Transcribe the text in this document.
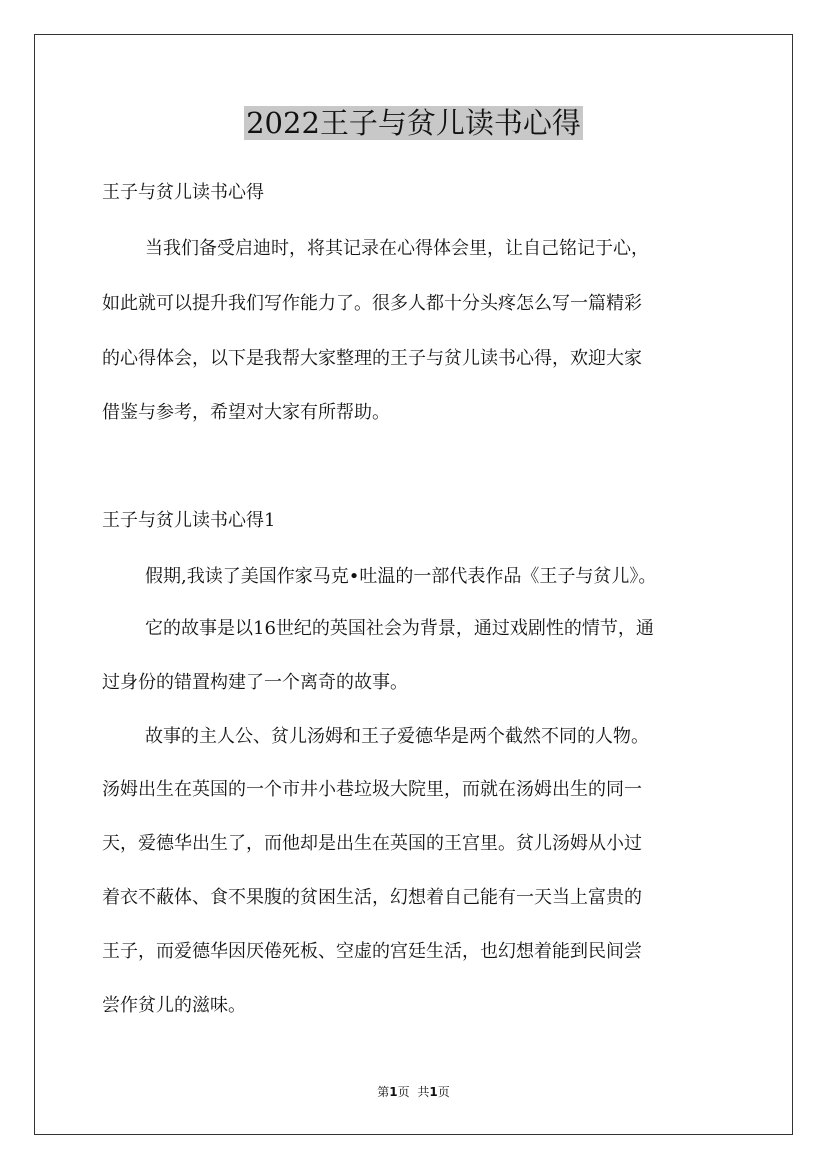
2022王子与贫儿读书心得
王子与贫儿读书心得
当我们备受启迪时，将其记录在心得体会里，让自己铭记于心，
如此就可以提升我们写作能力了。很多人都十分头疼怎么写一篇精彩
的心得体会，以下是我帮大家整理的王子与贫儿读书心得，欢迎大家
借鉴与参考，希望对大家有所帮助。
王子与贫儿读书心得1
假期,我读了美国作家马克•吐温的一部代表作品《王子与贫儿》。
它的故事是以16世纪的英国社会为背景，通过戏剧性的情节，通
过身份的错置构建了一个离奇的故事。
故事的主人公、贫儿汤姆和王子爱德华是两个截然不同的人物。
汤姆出生在英国的一个市井小巷垃圾大院里，而就在汤姆出生的同一
天，爱德华出生了，而他却是出生在英国的王宫里。贫儿汤姆从小过
着衣不蔽体、食不果腹的贫困生活，幻想着自己能有一天当上富贵的
王子，而爱德华因厌倦死板、空虚的宫廷生活，也幻想着能到民间尝
尝作贫儿的滋味。
第1页 共1页
